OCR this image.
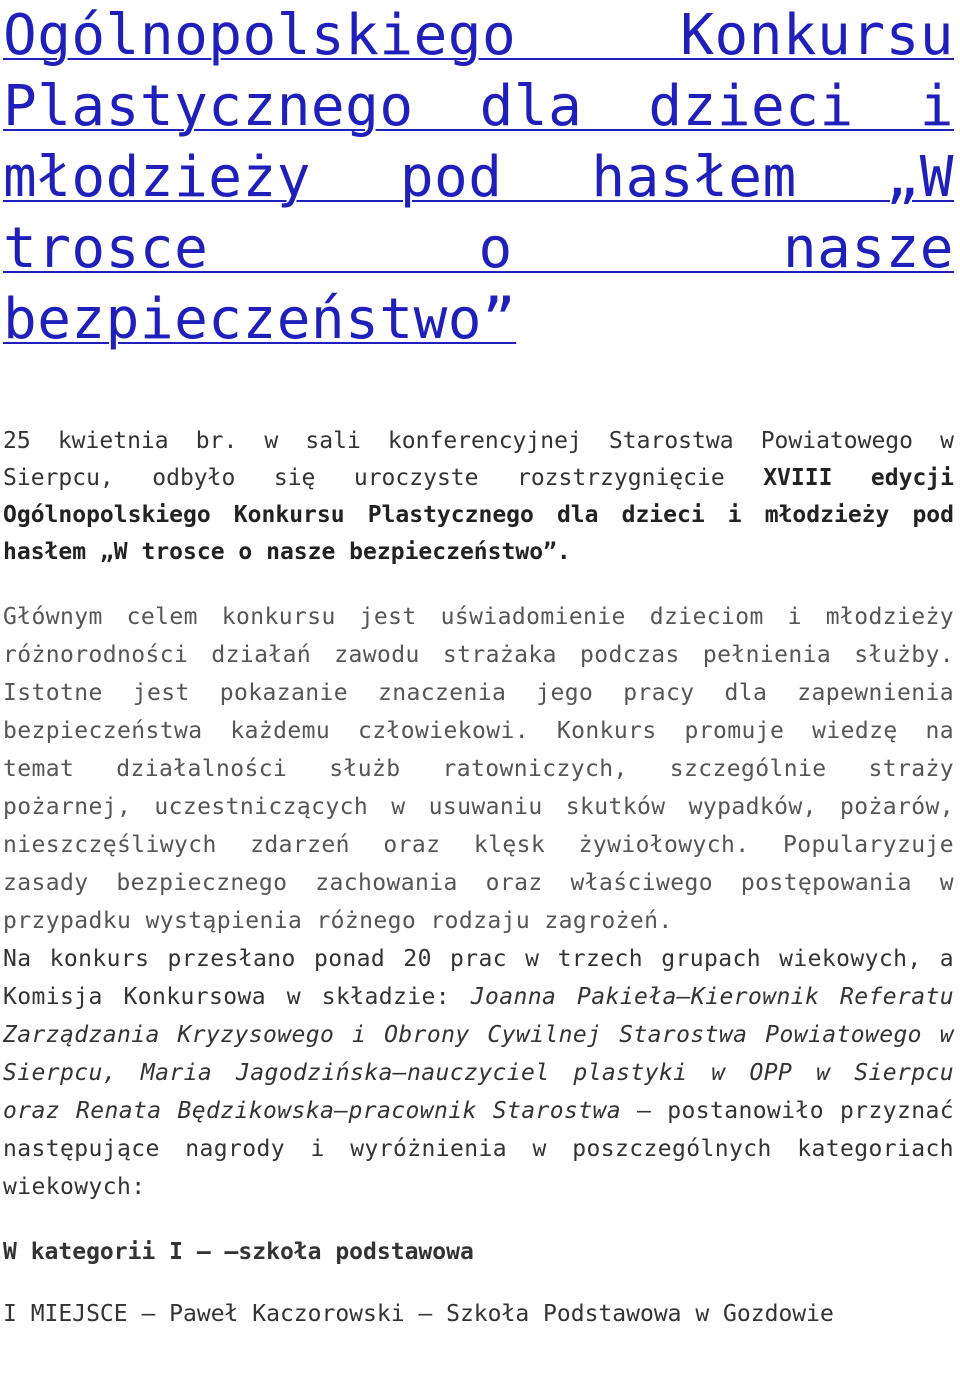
Ogólnopolskiego Konkursu Plastycznego dla dzieci i młodzieży pod hasłem „W trosce o nasze bezpieczeństwo”

25 kwietnia br. w sali konferencyjnej Starostwa Powiatowego w Sierpcu, odbyło się uroczyste rozstrzygnięcie XVIII edycji Ogólnopolskiego Konkursu Plastycznego dla dzieci i młodzieży pod hasłem „W trosce o nasze bezpieczeństwo”.

Głównym celem konkursu jest uświadomienie dzieciom i młodzieży różnorodności działań zawodu strażaka podczas pełnienia służby. Istotne jest pokazanie znaczenia jego pracy dla zapewnienia bezpieczeństwa każdemu człowiekowi. Konkurs promuje wiedzę na temat działalności służb ratowniczych, szczególnie straży pożarnej, uczestniczących w usuwaniu skutków wypadków, pożarów, nieszczęśliwych zdarzeń oraz klęsk żywiołowych. Popularyzuje zasady bezpiecznego zachowania oraz właściwego postępowania w przypadku wystąpienia różnego rodzaju zagrożeń.

Na konkurs przesłano ponad 20 prac w trzech grupach wiekowych, a Komisja Konkursowa w składzie: Joanna Pakieła–Kierownik Referatu Zarządzania Kryzysowego i Obrony Cywilnej Starostwa Powiatowego w Sierpcu, Maria Jagodzińska–nauczyciel plastyki w OPP w Sierpcu oraz Renata Będzikowska–pracownik Starostwa – postanowiło przyznać następujące nagrody i wyróżnienia w poszczególnych kategoriach wiekowych:

W kategorii I – –szkoła podstawowa

I MIEJSCE – Paweł Kaczorowski – Szkoła Podstawowa w Gozdowie
